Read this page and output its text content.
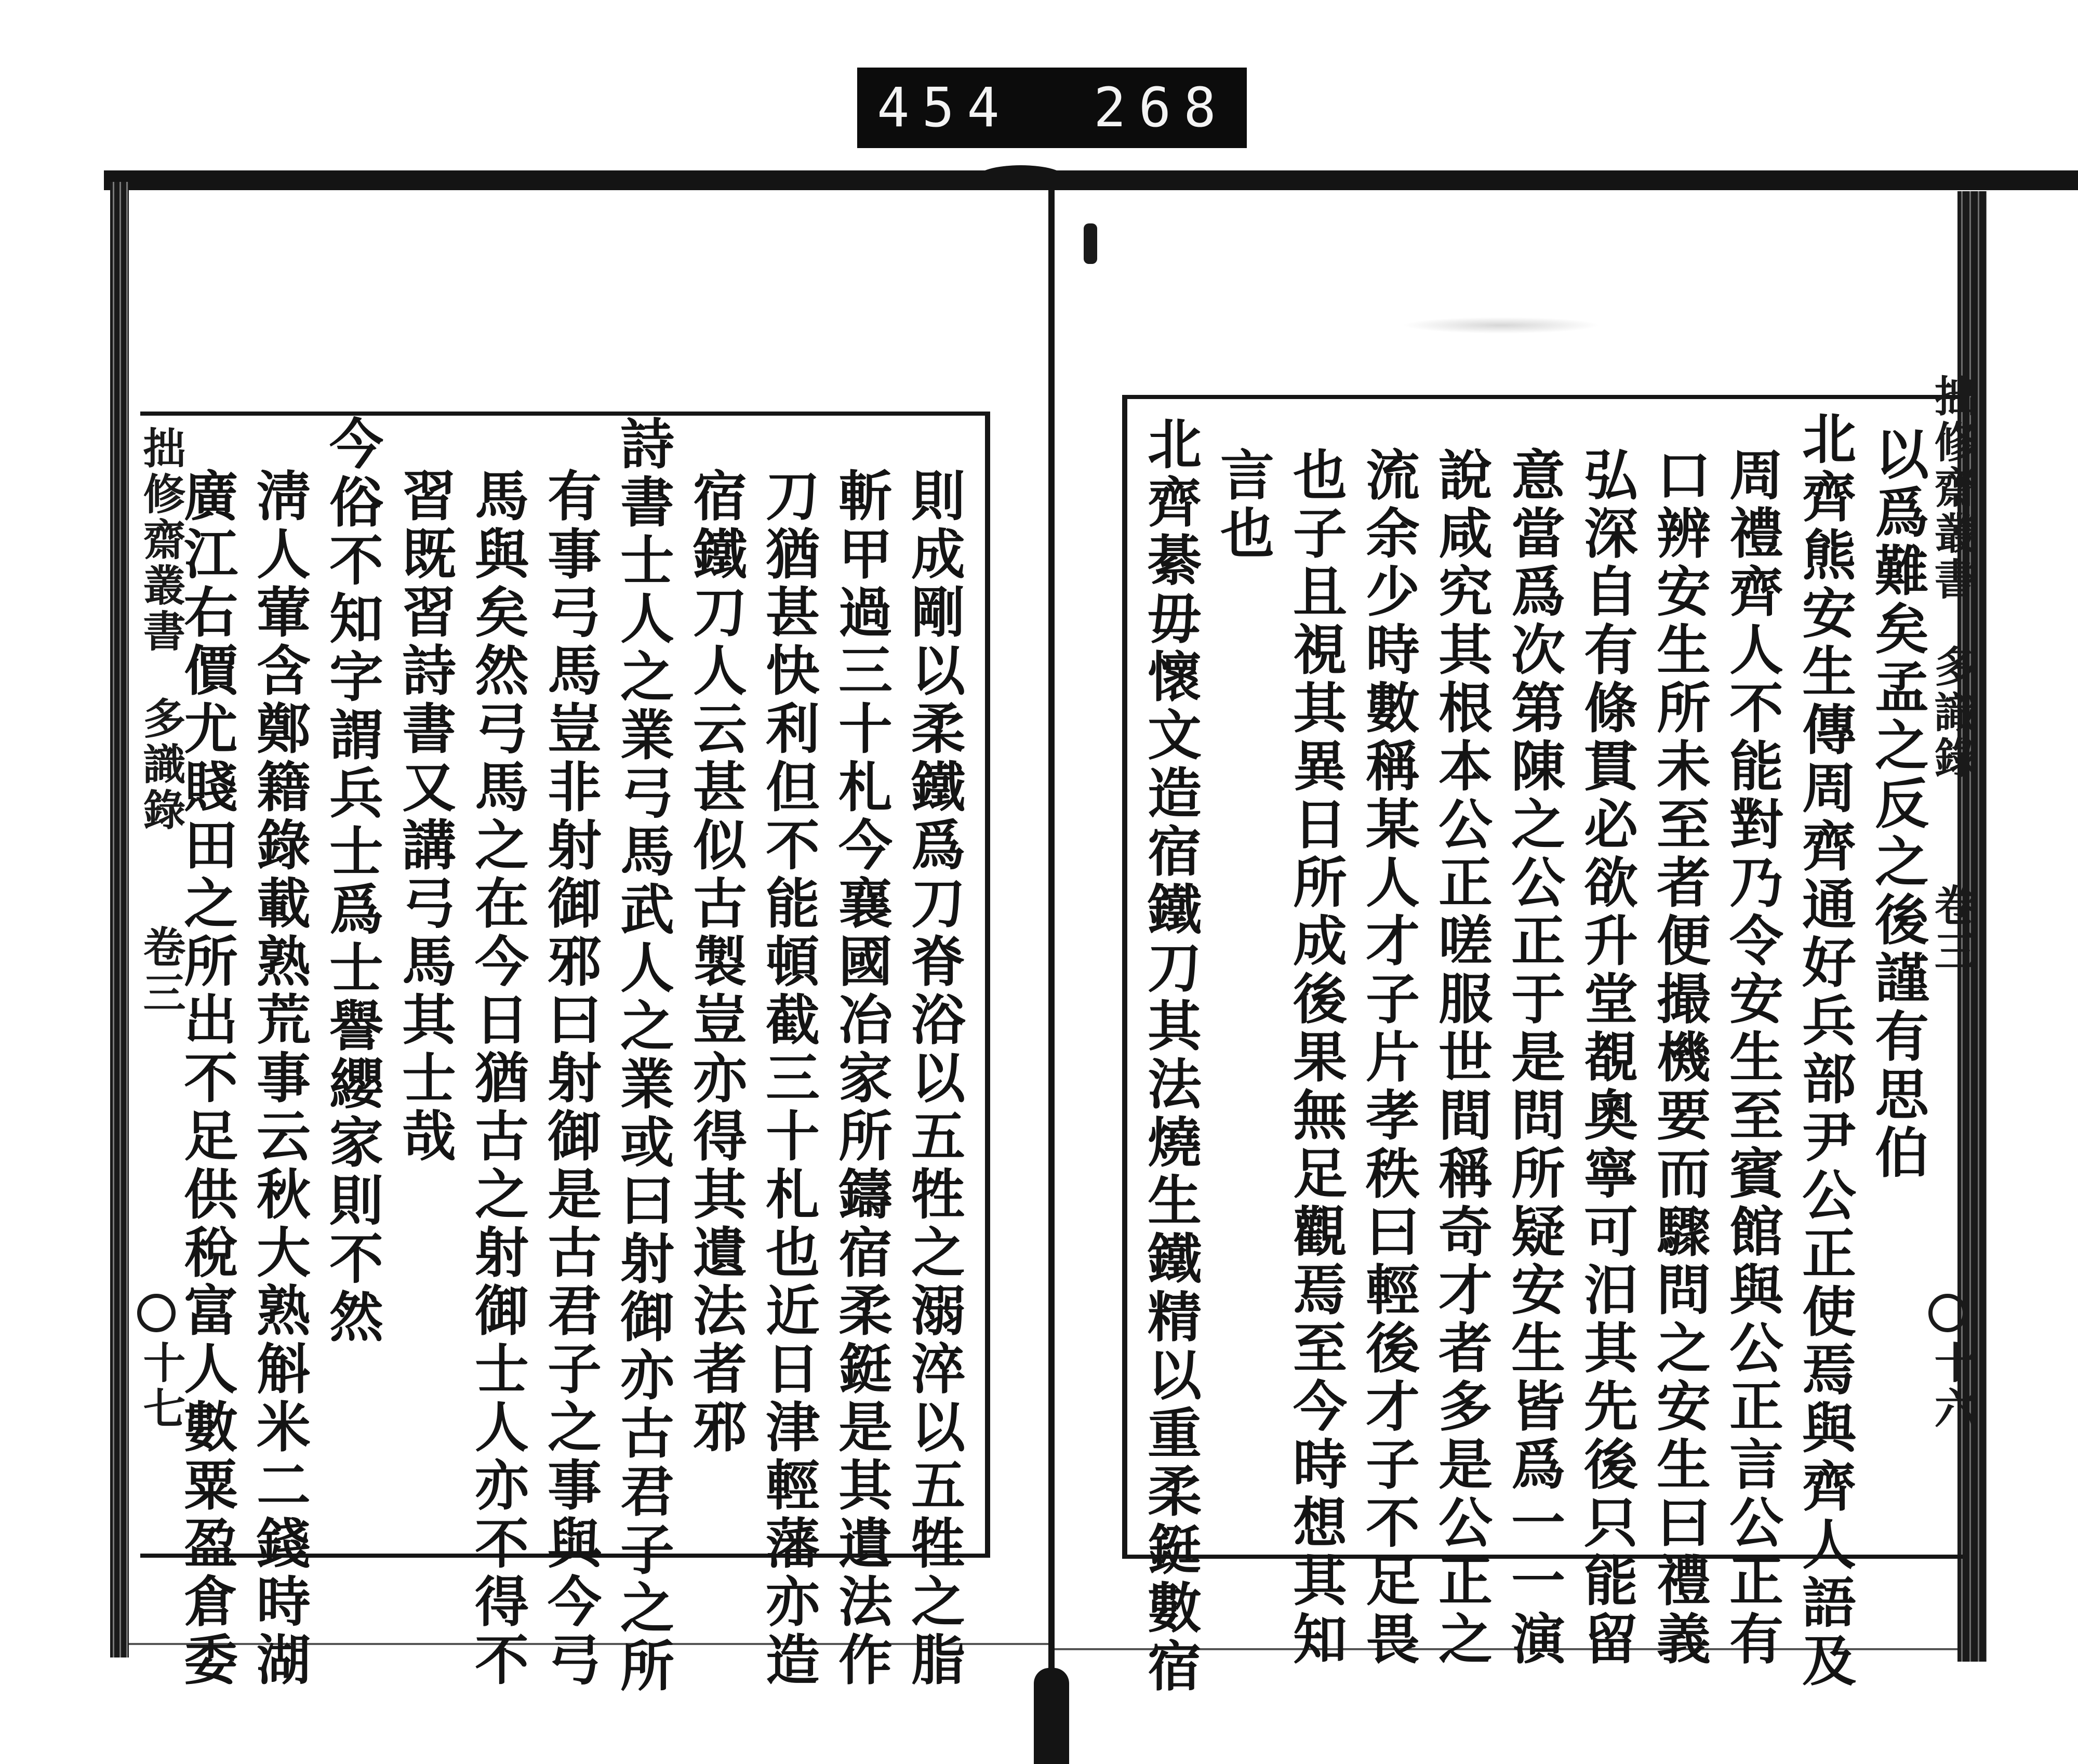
454 268
以爲難矣孟之反之後謹有思伯
北齊熊安生傳周齊通好兵部尹公正使焉與齊人語及
周禮齊人不能對乃令安生至賓館與公正言公正有
口辨安生所未至者便撮機要而驟問之安生曰禮義
弘深自有條貫必欲升堂覩奧寧可汨其先後只能留
意當爲次第陳之公正于是問所疑安生皆爲一一演
說咸究其根本公正嗟服世間稱奇才者多是公正之
流余少時數稱某人才子片孝秩曰輕後才子不足畏
也子且視其異日所成後果無足觀焉至今時想其知
言也
北齊綦毋懷文造宿鐵刀其法燒生鐵精以重柔鋌數宿	拙修齋叢書
多識錄
卷三
十六
則成剛以柔鐵爲刀脊浴以五牲之溺淬以五牲之脂
斬甲過三十札今襄國冶家所鑄宿柔鋌是其遺法作
刀猶甚快利但不能頓截三十札也近日津輕藩亦造
宿鐵刀人云甚似古製豈亦得其遺法者邪
詩書士人之業弓馬武人之業或曰射御亦古君子之所
有事弓馬豈非射御邪曰射御是古君子之事與今弓
馬與矣然弓馬之在今日猶古之射御士人亦不得不
習既習詩書又講弓馬其士哉
今俗不知字謂兵士爲士譽纓家則不然
淸人葷含鄭籍錄載熟荒事云秋大熟斛米二錢時湖
廣江右價尤賤田之所出不足供稅富人數粟盈倉委
拙修齋叢書
多識錄
卷三
十七
